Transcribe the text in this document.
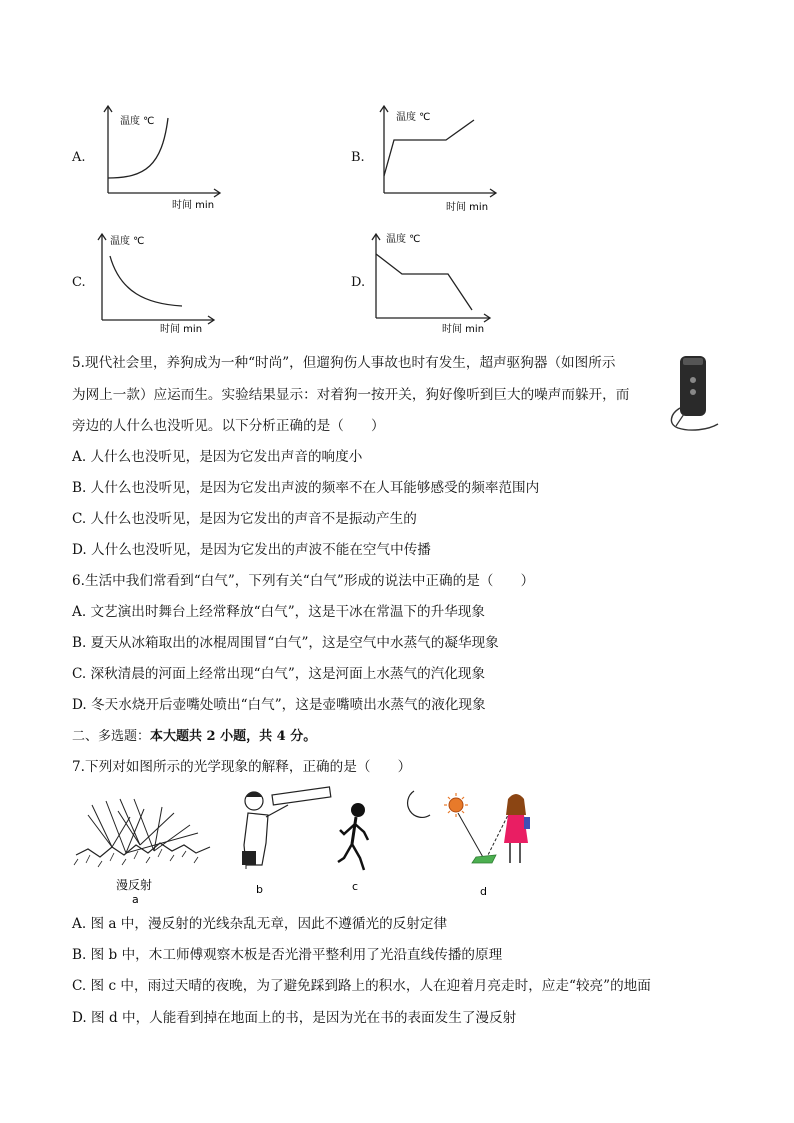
A.
温度 ℃
时间 min
B.
温度 ℃
时间 min
C.
温度 ℃
时间 min
D.
温度 ℃
时间 min
5.现代社会里，养狗成为一种“时尚”，但遛狗伤人事故也时有发生，超声驱狗器（如图所示
为网上一款）应运而生。实验结果显示：对着狗一按开关，狗好像听到巨大的噪声而躲开，而
旁边的人什么也没听见。以下分析正确的是（　　）
A. 人什么也没听见，是因为它发出声音的响度小
B. 人什么也没听见，是因为它发出声波的频率不在人耳能够感受的频率范围内
C. 人什么也没听见，是因为它发出的声音不是振动产生的
D. 人什么也没听见，是因为它发出的声波不能在空气中传播
6.生活中我们常看到“白气”，下列有关“白气”形成的说法中正确的是（　　）
A. 文艺演出时舞台上经常释放“白气”，这是干冰在常温下的升华现象
B. 夏天从冰箱取出的冰棍周围冒“白气”，这是空气中水蒸气的凝华现象
C. 深秋清晨的河面上经常出现“白气”，这是河面上水蒸气的汽化现象
D. 冬天水烧开后壶嘴处喷出“白气”，这是壶嘴喷出水蒸气的液化现象
二、多选题：本大题共 2 小题，共 4 分。
7.下列对如图所示的光学现象的解释，正确的是（　　）
漫反射
a
b	c	d
A. 图 a 中，漫反射的光线杂乱无章，因此不遵循光的反射定律
B. 图 b 中，木工师傅观察木板是否光滑平整利用了光沿直线传播的原理
C. 图 c 中，雨过天晴的夜晚，为了避免踩到路上的积水，人在迎着月亮走时，应走“较亮”的地面
D. 图 d 中，人能看到掉在地面上的书，是因为光在书的表面发生了漫反射
